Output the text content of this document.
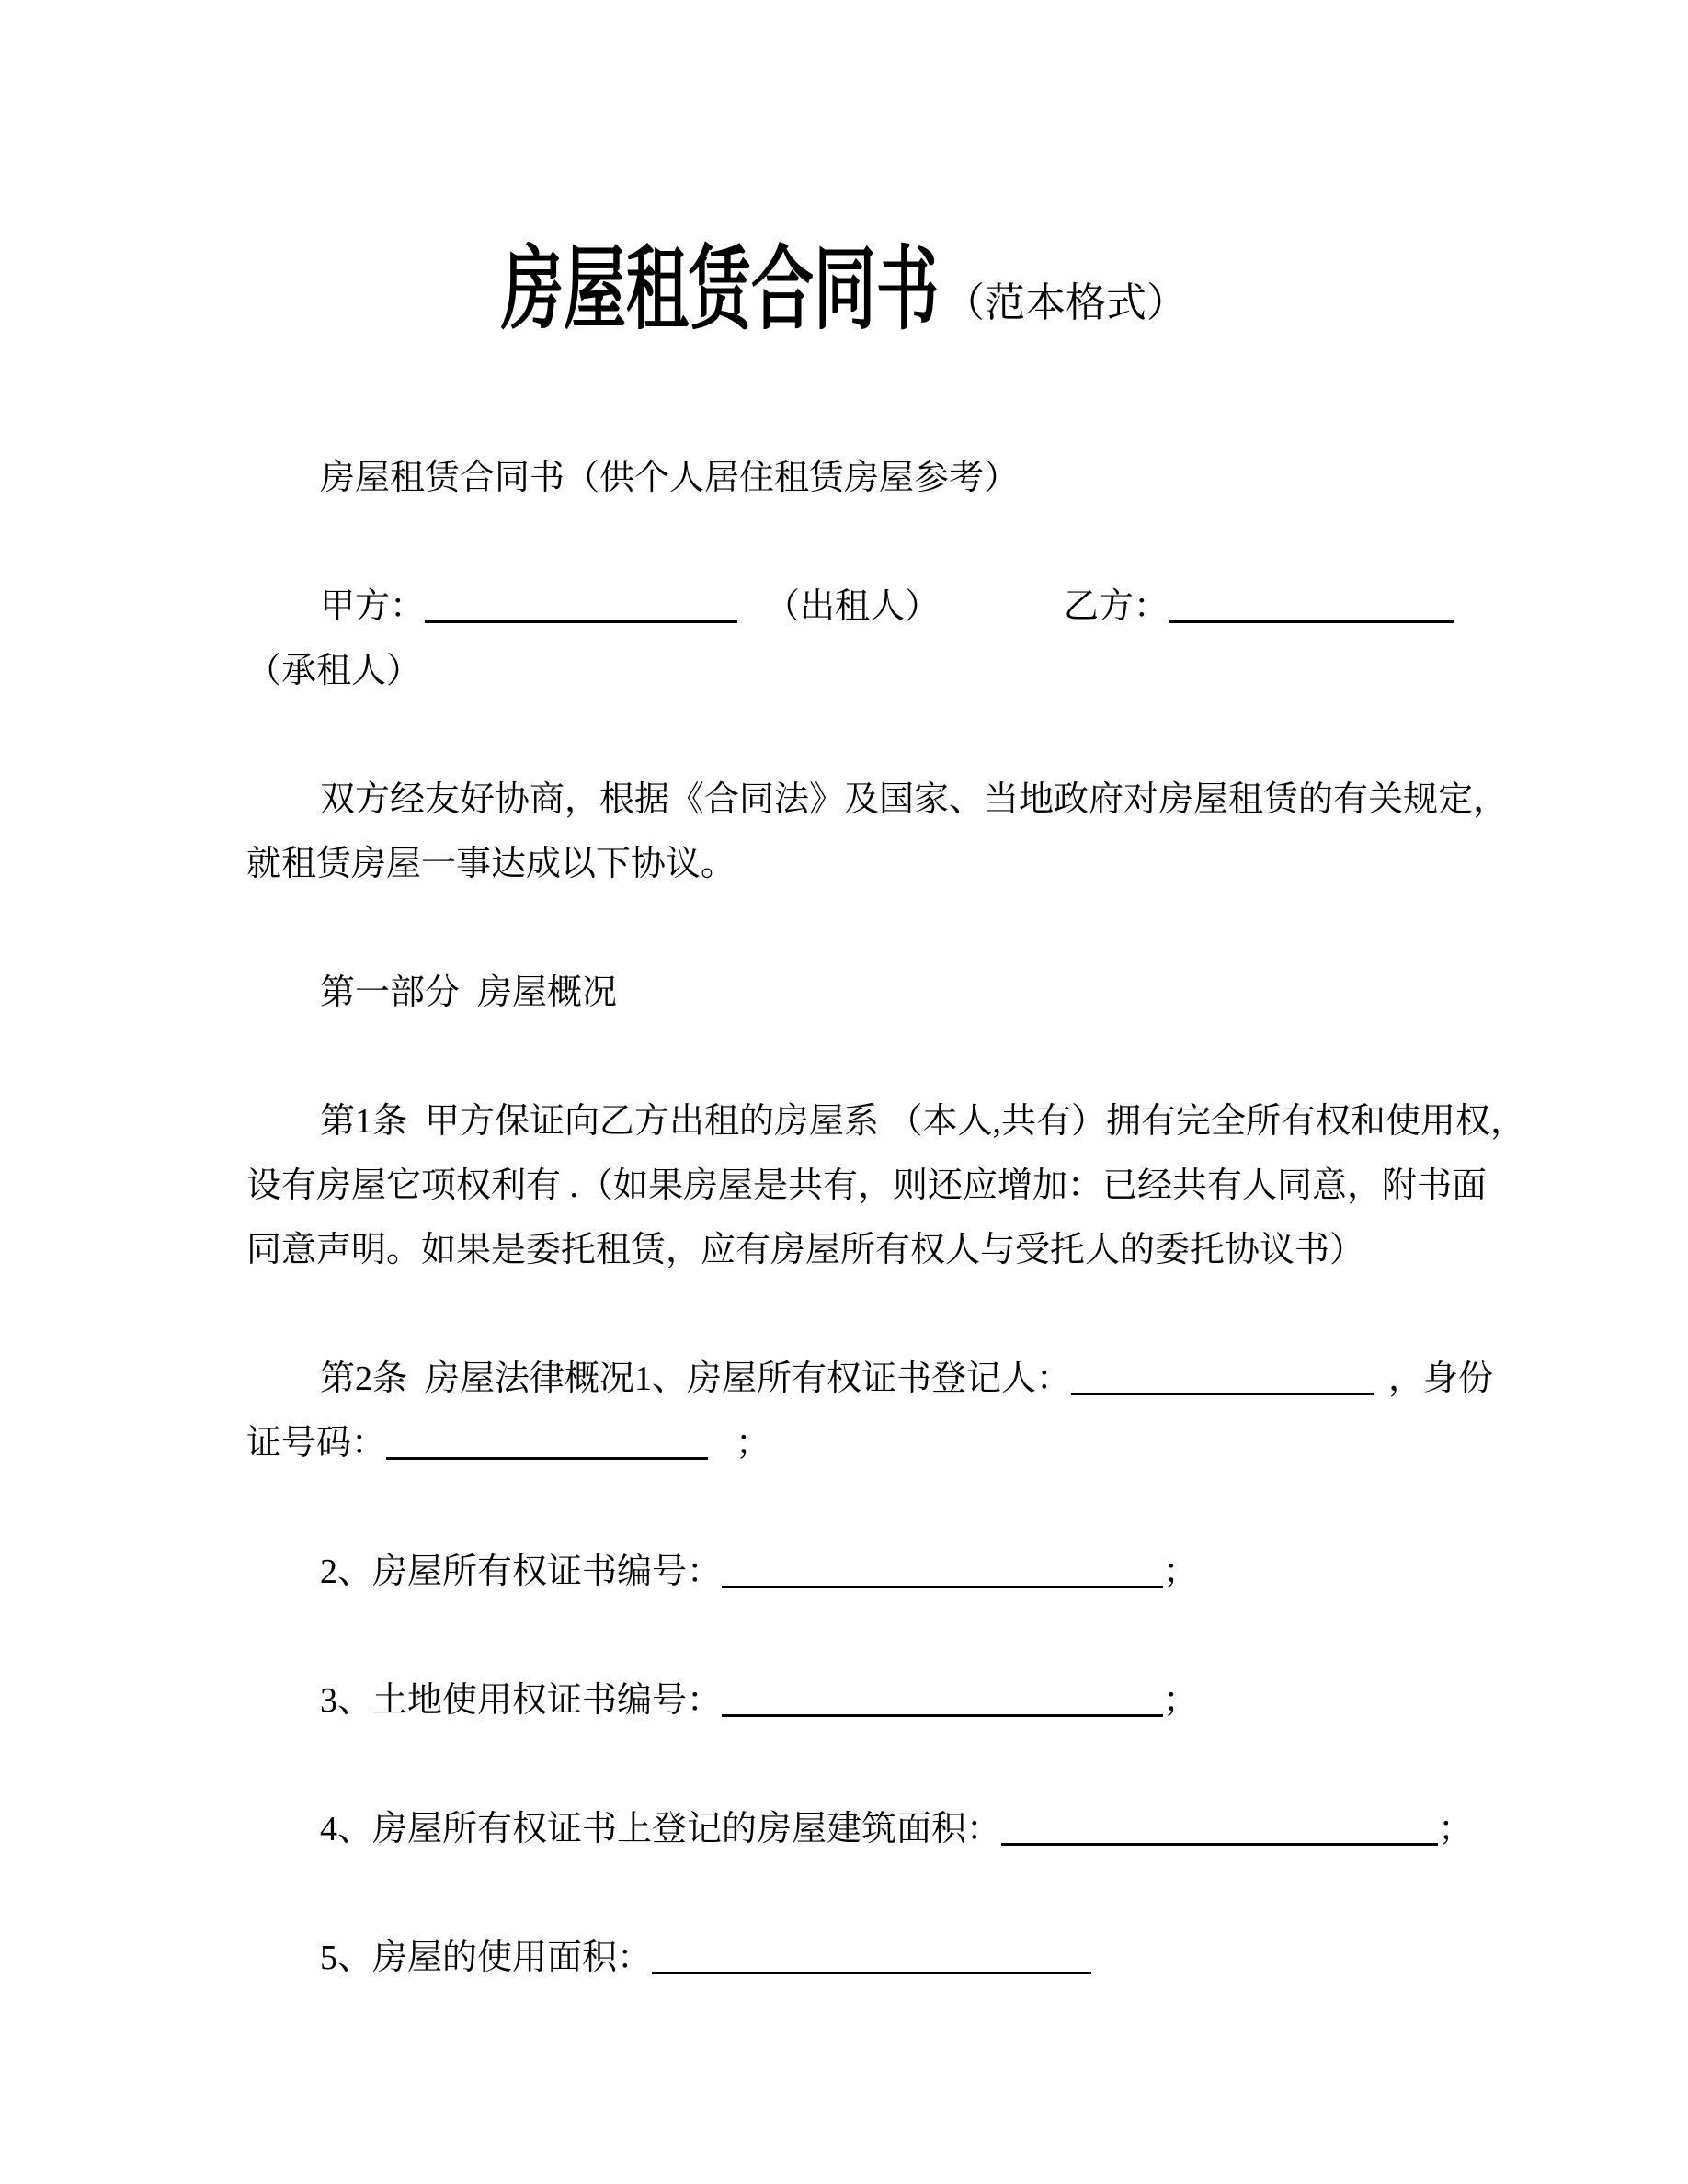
房屋租赁合同书 （范本格式）
房屋租赁合同书（供个人居住租赁房屋参考）
甲方：	（出租人）	乙方：
（承租人）
双方经友好协商，根据《合同法》及国家、当地政府对房屋租赁的有关规定，
就租赁房屋一事达成以下协议。
第一部分  房屋概况
第1条  甲方保证向乙方出租的房屋系 （本人,共有）拥有完全所有权和使用权，
设有房屋它项权利有 .（如果房屋是共有，则还应增加：已经共有人同意，附书面
同意声明。如果是委托租赁，应有房屋所有权人与受托人的委托协议书）
第2条  房屋法律概况1、房屋所有权证书登记人：	，身份
证号码：	；
2、房屋所有权证书编号：	；
3、土地使用权证书编号：	；
4、房屋所有权证书上登记的房屋建筑面积：	；
5、房屋的使用面积：
